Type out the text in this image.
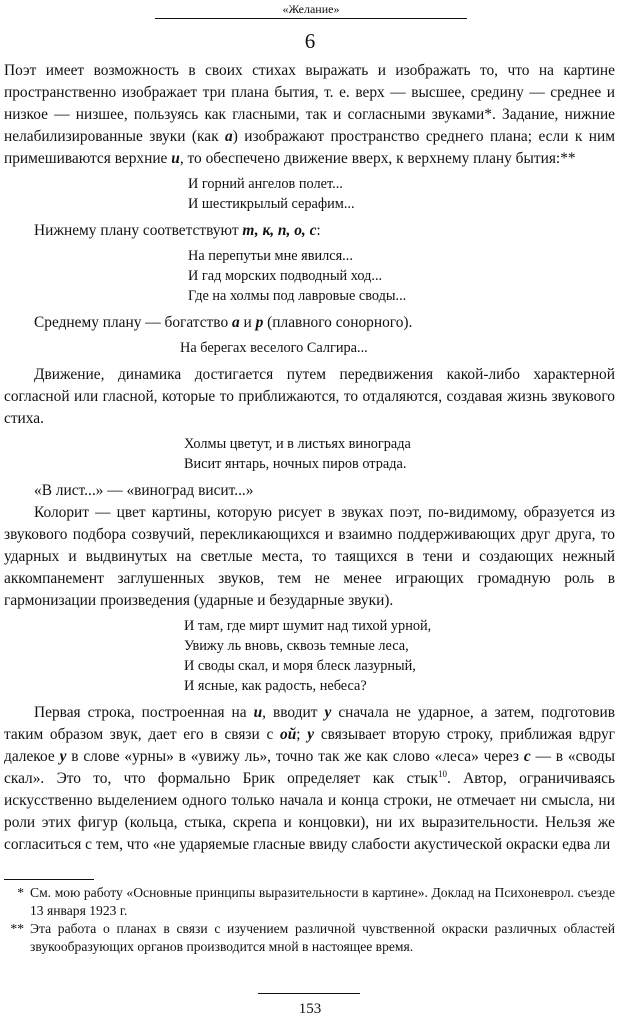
«Желание»
6

Поэт имеет возможность в своих стихах выражать и изображать то, что на картине пространственно изображает три плана бытия, т. е. верх — высшее, средину — среднее и низкое — низшее, пользуясь как гласными, так и согласными звуками*. Задание, нижние нелабилизированные звуки (как а) изображают пространство среднего плана; если к ним примешиваются верхние и, то обеспечено движение вверх, к верхнему плану бытия:**

И горний ангелов полет...
И шестикрылый серафим...

Нижнему плану соответствуют т, к, п, о, с:

На перепутьи мне явился...
И гад морских подводный ход...
Где на холмы под лавровые своды...

Среднему плану — богатство а и р (плавного сонорного).

На берегах веселого Салгира...

Движение, динамика достигается путем передвижения какой-либо характерной согласной или гласной, которые то приближаются, то отдаляются, создавая жизнь звукового стиха.

Холмы цветут, и в листьях винограда
Висит янтарь, ночных пиров отрада.

«В лист...» — «виноград висит...»

Колорит — цвет картины, которую рисует в звуках поэт, по-видимому, образуется из звукового подбора созвучий, перекликающихся и взаимно поддерживающих друг друга, то ударных и выдвинутых на светлые места, то таящихся в тени и создающих нежный аккомпанемент заглушенных звуков, тем не менее играющих громадную роль в гармонизации произведения (ударные и безударные звуки).

И там, где мирт шумит над тихой урной,
Увижу ль вновь, сквозь темные леса,
И своды скал, и моря блеск лазурный,
И ясные, как радость, небеса?

Первая строка, построенная на и, вводит у сначала не ударное, а затем, подготовив таким образом звук, дает его в связи с ой; у связывает вторую строку, приближая вдруг далекое у в слове «урны» в «увижу ль», точно так же как слово «леса» через с — в «своды скал». Это то, что формально Брик определяет как стык$^{10}$. Автор, ограничиваясь искусственно выделением одного только начала и конца строки, не отмечает ни смысла, ни роли этих фигур (кольца, стыка, скрепа и концовки), ни их выразительности. Нельзя же согласиться с тем, что «не ударяемые гласные ввиду слабости акустической окраски едва ли

* См. мою работу «Основные принципы выразительности в картине». Доклад на Психоневрол. съезде 13 января 1923 г.
** Эта работа о планах в связи с изучением различной чувственной окраски различных областей звукообразующих органов производится мной в настоящее время.
153
